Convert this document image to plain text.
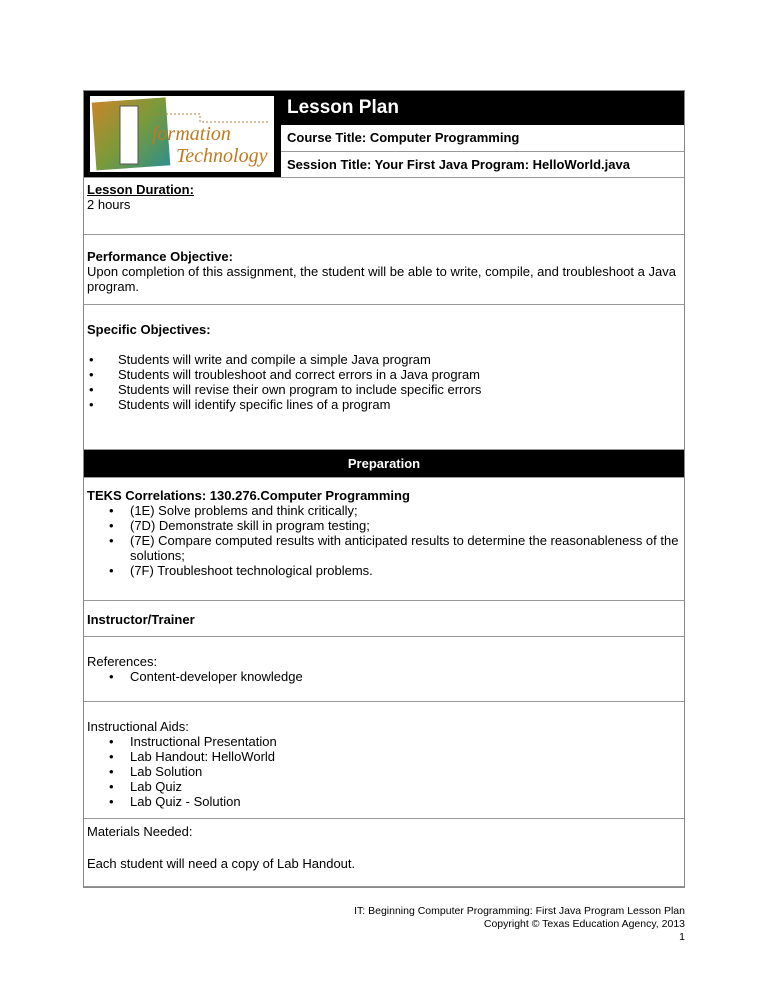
formation
Technology
Lesson Plan
Course Title: Computer Programming
Session Title: Your First Java Program: HelloWorld.java
Lesson Duration:
2 hours
Performance Objective:
Upon completion of this assignment, the student will be able to write, compile, and troubleshoot a Java program.
Specific Objectives:
• Students will write and compile a simple Java program
• Students will troubleshoot and correct errors in a Java program
• Students will revise their own program to include specific errors
• Students will identify specific lines of a program
Preparation
TEKS Correlations: 130.276.Computer Programming
• (1E) Solve problems and think critically;
• (7D) Demonstrate skill in program testing;
• (7E) Compare computed results with anticipated results to determine the reasonableness of the solutions;
• (7F) Troubleshoot technological problems.
Instructor/Trainer
References:
• Content-developer knowledge
Instructional Aids:
• Instructional Presentation
• Lab Handout: HelloWorld
• Lab Solution
• Lab Quiz
• Lab Quiz - Solution
Materials Needed:
Each student will need a copy of Lab Handout.
IT: Beginning Computer Programming: First Java Program Lesson Plan
Copyright © Texas Education Agency, 2013
1
